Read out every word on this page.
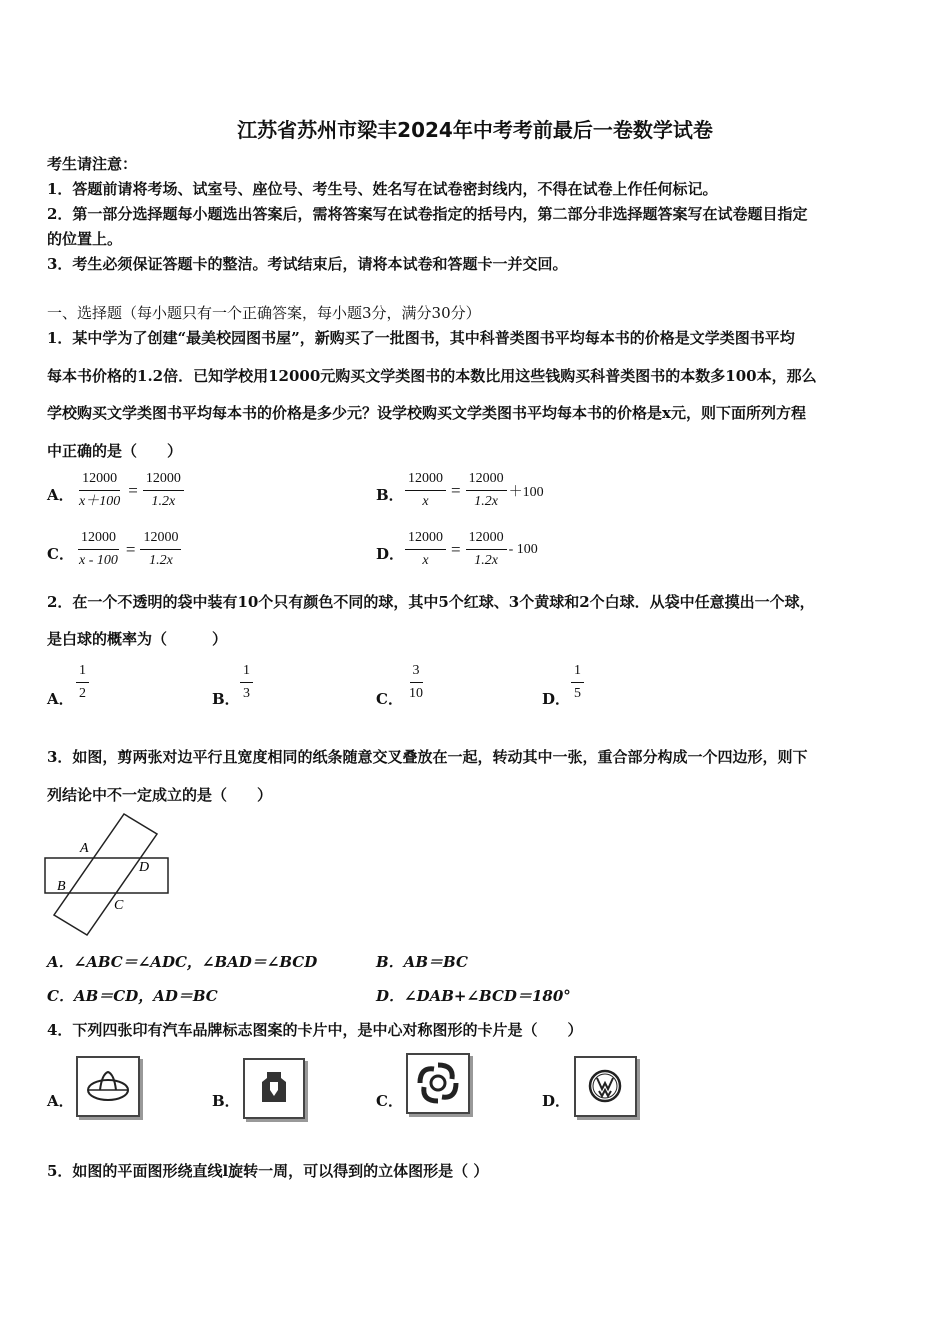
江苏省苏州市梁丰2024年中考考前最后一卷数学试卷
考生请注意：
1．答题前请将考场、试室号、座位号、考生号、姓名写在试卷密封线内，不得在试卷上作任何标记。
2．第一部分选择题每小题选出答案后，需将答案写在试卷指定的括号内，第二部分非选择题答案写在试卷题目指定
的位置上。
3．考生必须保证答题卡的整洁。考试结束后，请将本试卷和答题卡一并交回。
一、选择题（每小题只有一个正确答案，每小题3分，满分30分）
1．某中学为了创建“最美校园图书屋”，新购买了一批图书，其中科普类图书平均每本书的价格是文学类图书平均
每本书价格的1.2倍．已知学校用12000元购买文学类图书的本数比用这些钱购买科普类图书的本数多100本，那么
学校购买文学类图书平均每本书的价格是多少元？设学校购买文学类图书平均每本书的价格是x元，则下面所列方程
中正确的是（　　）
A． $\frac{12000}{x+100} = \frac{12000}{1.2x}$	B． $\frac{12000}{x} = \frac{12000}{1.2x} +100$
C． $\frac{12000}{x - 100} = \frac{12000}{1.2x}$	D． $\frac{12000}{x} = \frac{12000}{1.2x} - 100$
2．在一个不透明的袋中装有10个只有颜色不同的球，其中5个红球、3个黄球和2个白球．从袋中任意摸出一个球，
是白球的概率为（　　　）
A．
1
2	B．
1
3	C．
3
10	D．
1
5
3．如图，剪两张对边平行且宽度相同的纸条随意交叉叠放在一起，转动其中一张，重合部分构成一个四边形，则下
列结论中不一定成立的是（　　）
A
B
C
D
A．∠ABC＝∠ADC，∠BAD＝∠BCD	B．AB＝BC
C．AB＝CD，AD＝BC	D．∠DAB+∠BCD＝180°
4．下列四张印有汽车品牌标志图案的卡片中，是中心对称图形的卡片是（　　）
A．	B．	C．	D．
5．如图的平面图形绕直线l旋转一周，可以得到的立体图形是（ ）
